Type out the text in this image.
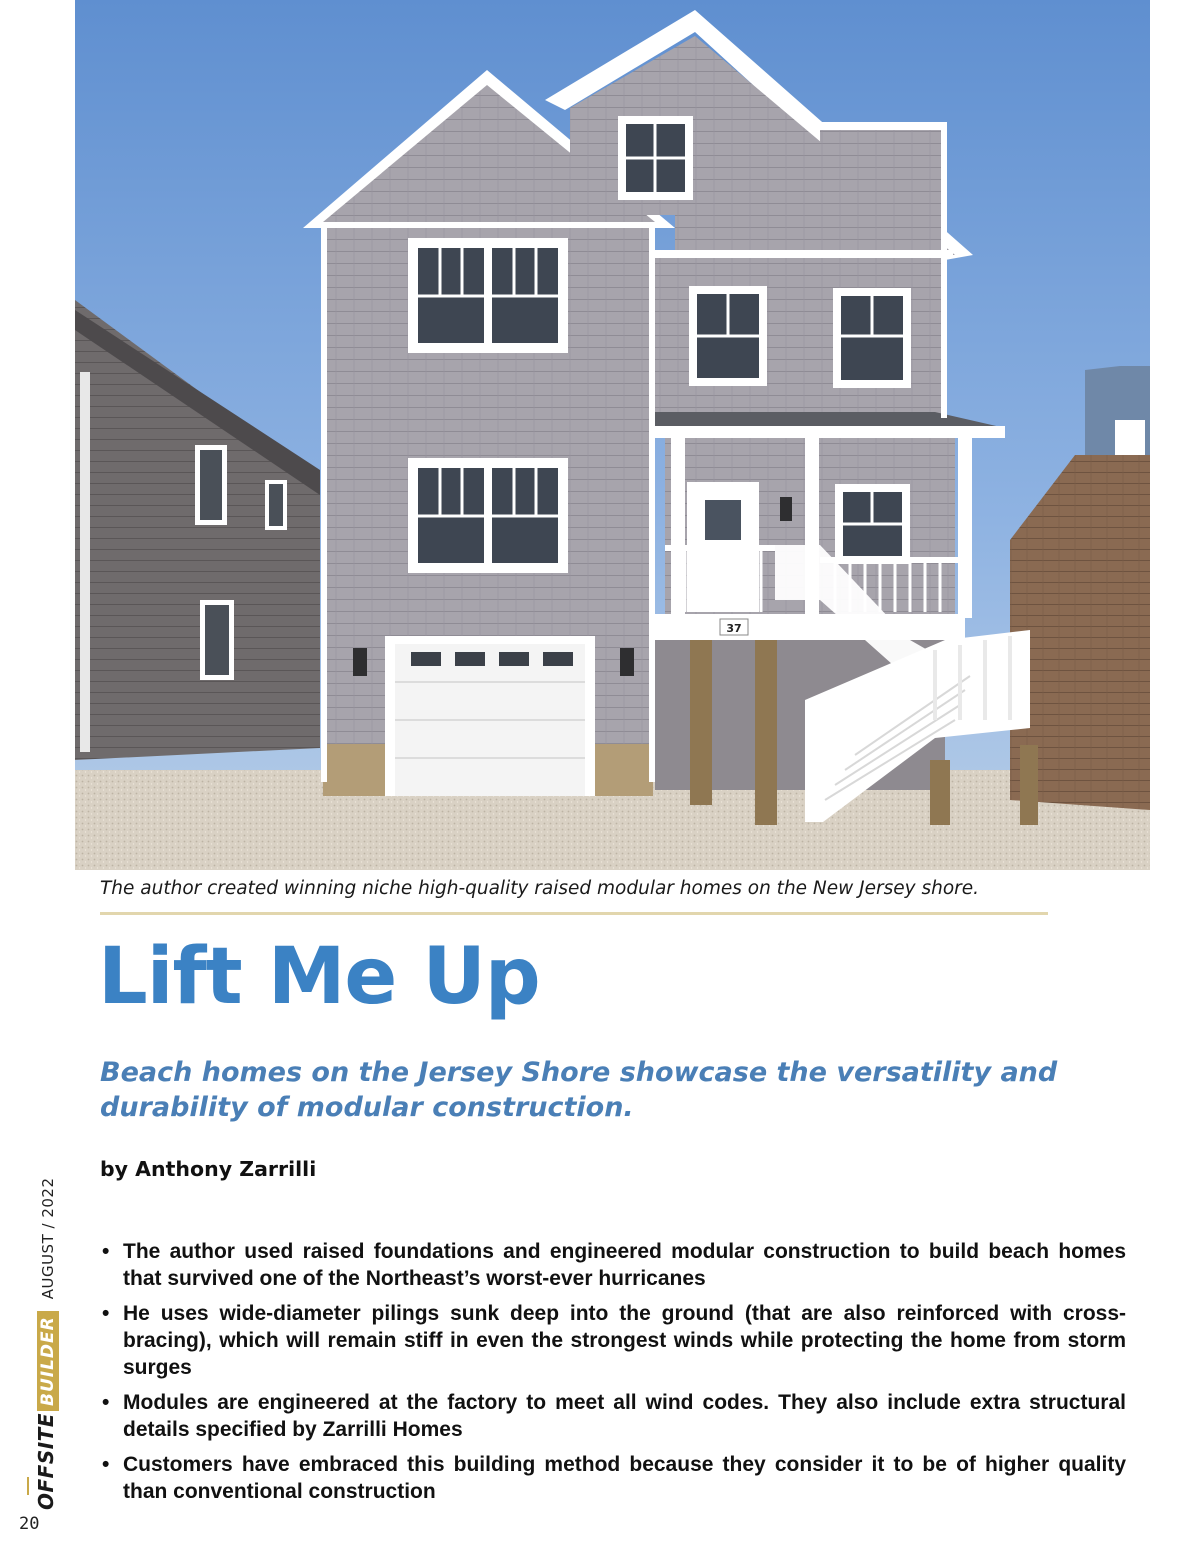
37
The author created winning niche high-quality raised modular homes on the New Jersey shore.
Lift Me Up
Beach homes on the Jersey Shore showcase the versatility and durability of modular construction.
by Anthony Zarrilli
• The author used raised foundations and engineered modular construction to build beach homes that survived one of the Northeast’s worst-ever hurricanes
• He uses wide-diameter pilings sunk deep into the ground (that are also reinforced with cross-bracing), which will remain stiff in even the strongest winds while protecting the home from storm surges
• Modules are engineered at the factory to meet all wind codes. They also include extra structural details specified by Zarrilli Homes
• Customers have embraced this building method because they consider it to be of higher quality than conventional construction
OFFSITEBUILDERAUGUST / 2022
20
